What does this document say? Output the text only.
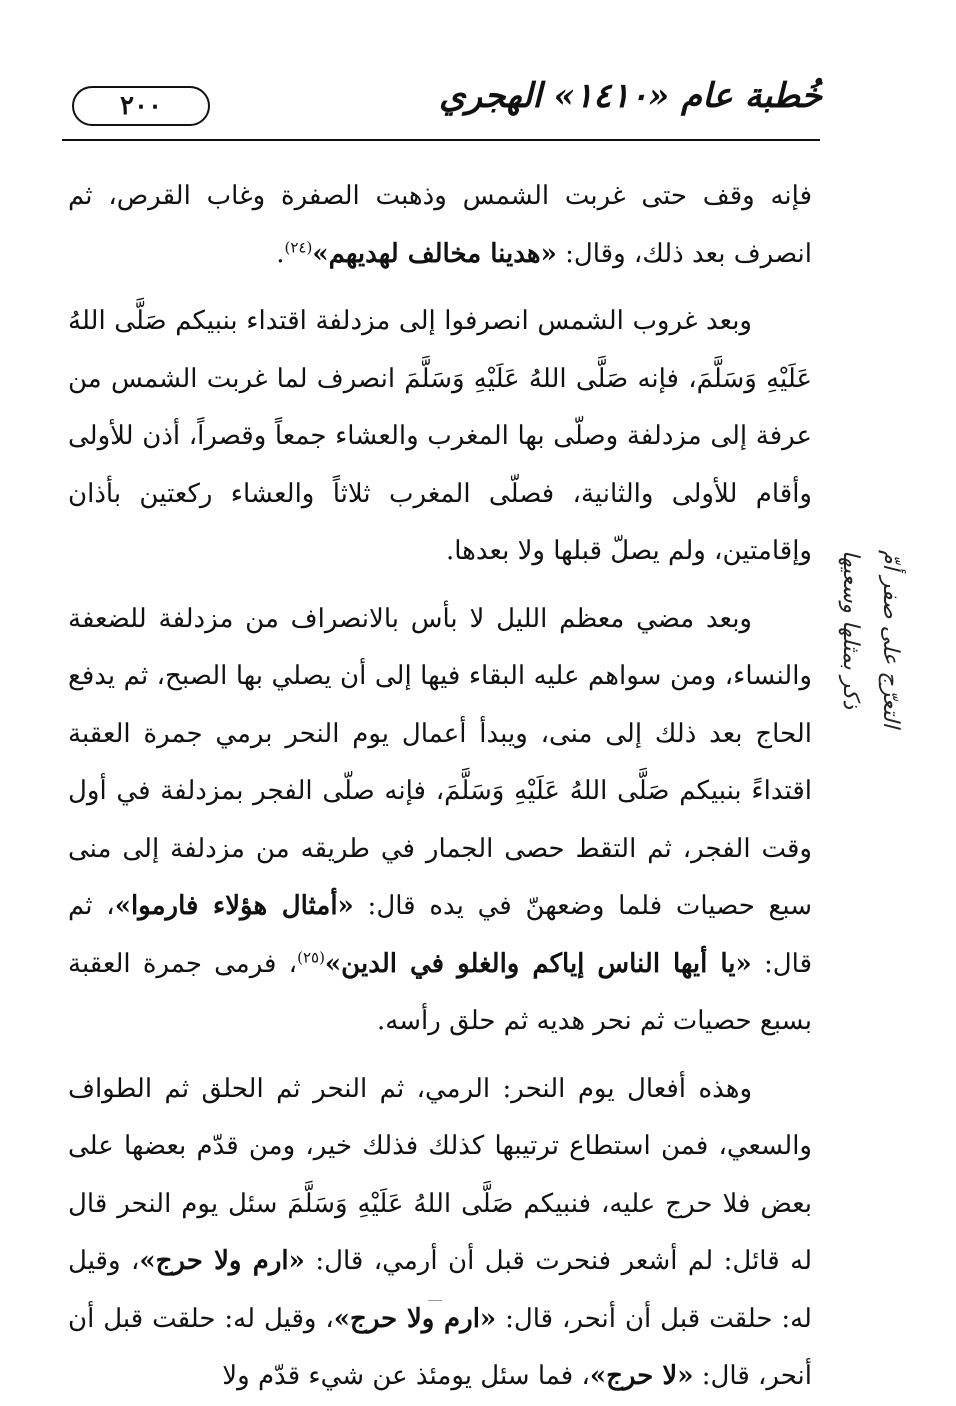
٢٠٠	خُطبة عام «١٤١٠» الهجري

فإنه وقف حتى غربت الشمس وذهبت الصفرة وغاب القرص، ثم انصرف بعد ذلك، وقال: «هدينا مخالف لهديهم»$^{(٢٤)}$.

وبعد غروب الشمس انصرفوا إلى مزدلفة اقتداء بنبيكم صَلَّى اللهُ عَلَيْهِ وَسَلَّمَ، فإنه صَلَّى اللهُ عَلَيْهِ وَسَلَّمَ انصرف لما غربت الشمس من عرفة إلى مزدلفة وصلّى بها المغرب والعشاء جمعاً وقصراً، أذن للأولى وأقام للأولى والثانية، فصلّى المغرب ثلاثاً والعشاء ركعتين بأذان وإقامتين، ولم يصلّ قبلها ولا بعدها.

وبعد مضي معظم الليل لا بأس بالانصراف من مزدلفة للضعفة والنساء، ومن سواهم عليه البقاء فيها إلى أن يصلي بها الصبح، ثم يدفع الحاج بعد ذلك إلى منى، ويبدأ أعمال يوم النحر برمي جمرة العقبة اقتداءً بنبيكم صَلَّى اللهُ عَلَيْهِ وَسَلَّمَ، فإنه صلّى الفجر بمزدلفة في أول وقت الفجر، ثم التقط حصى الجمار في طريقه من مزدلفة إلى منى سبع حصيات فلما وضعهنّ في يده قال: «أمثال هؤلاء فارموا»، ثم قال: «يا أيها الناس إياكم والغلو في الدين»$^{(٢٥)}$، فرمى جمرة العقبة بسبع حصيات ثم نحر هديه ثم حلق رأسه.

وهذه أفعال يوم النحر: الرمي، ثم النحر ثم الحلق ثم الطواف والسعي، فمن استطاع ترتيبها كذلك فذلك خير، ومن قدّم بعضها على بعض فلا حرج عليه، فنبيكم صَلَّى اللهُ عَلَيْهِ وَسَلَّمَ سئل يوم النحر قال له قائل: لم أشعر فنحرت قبل أن أرمي، قال: «ارم ولا حرج»، وقيل له: حلقت قبل أن أنحر، قال: «ارم ولا حرج»، وقيل له: حلقت قبل أن أنحر، قال: «لا حرج»، فما سئل يومئذ عن شيء قدّم ولا

التعرّج على صفر أمّ
ذكر بمثلها وسعيها
